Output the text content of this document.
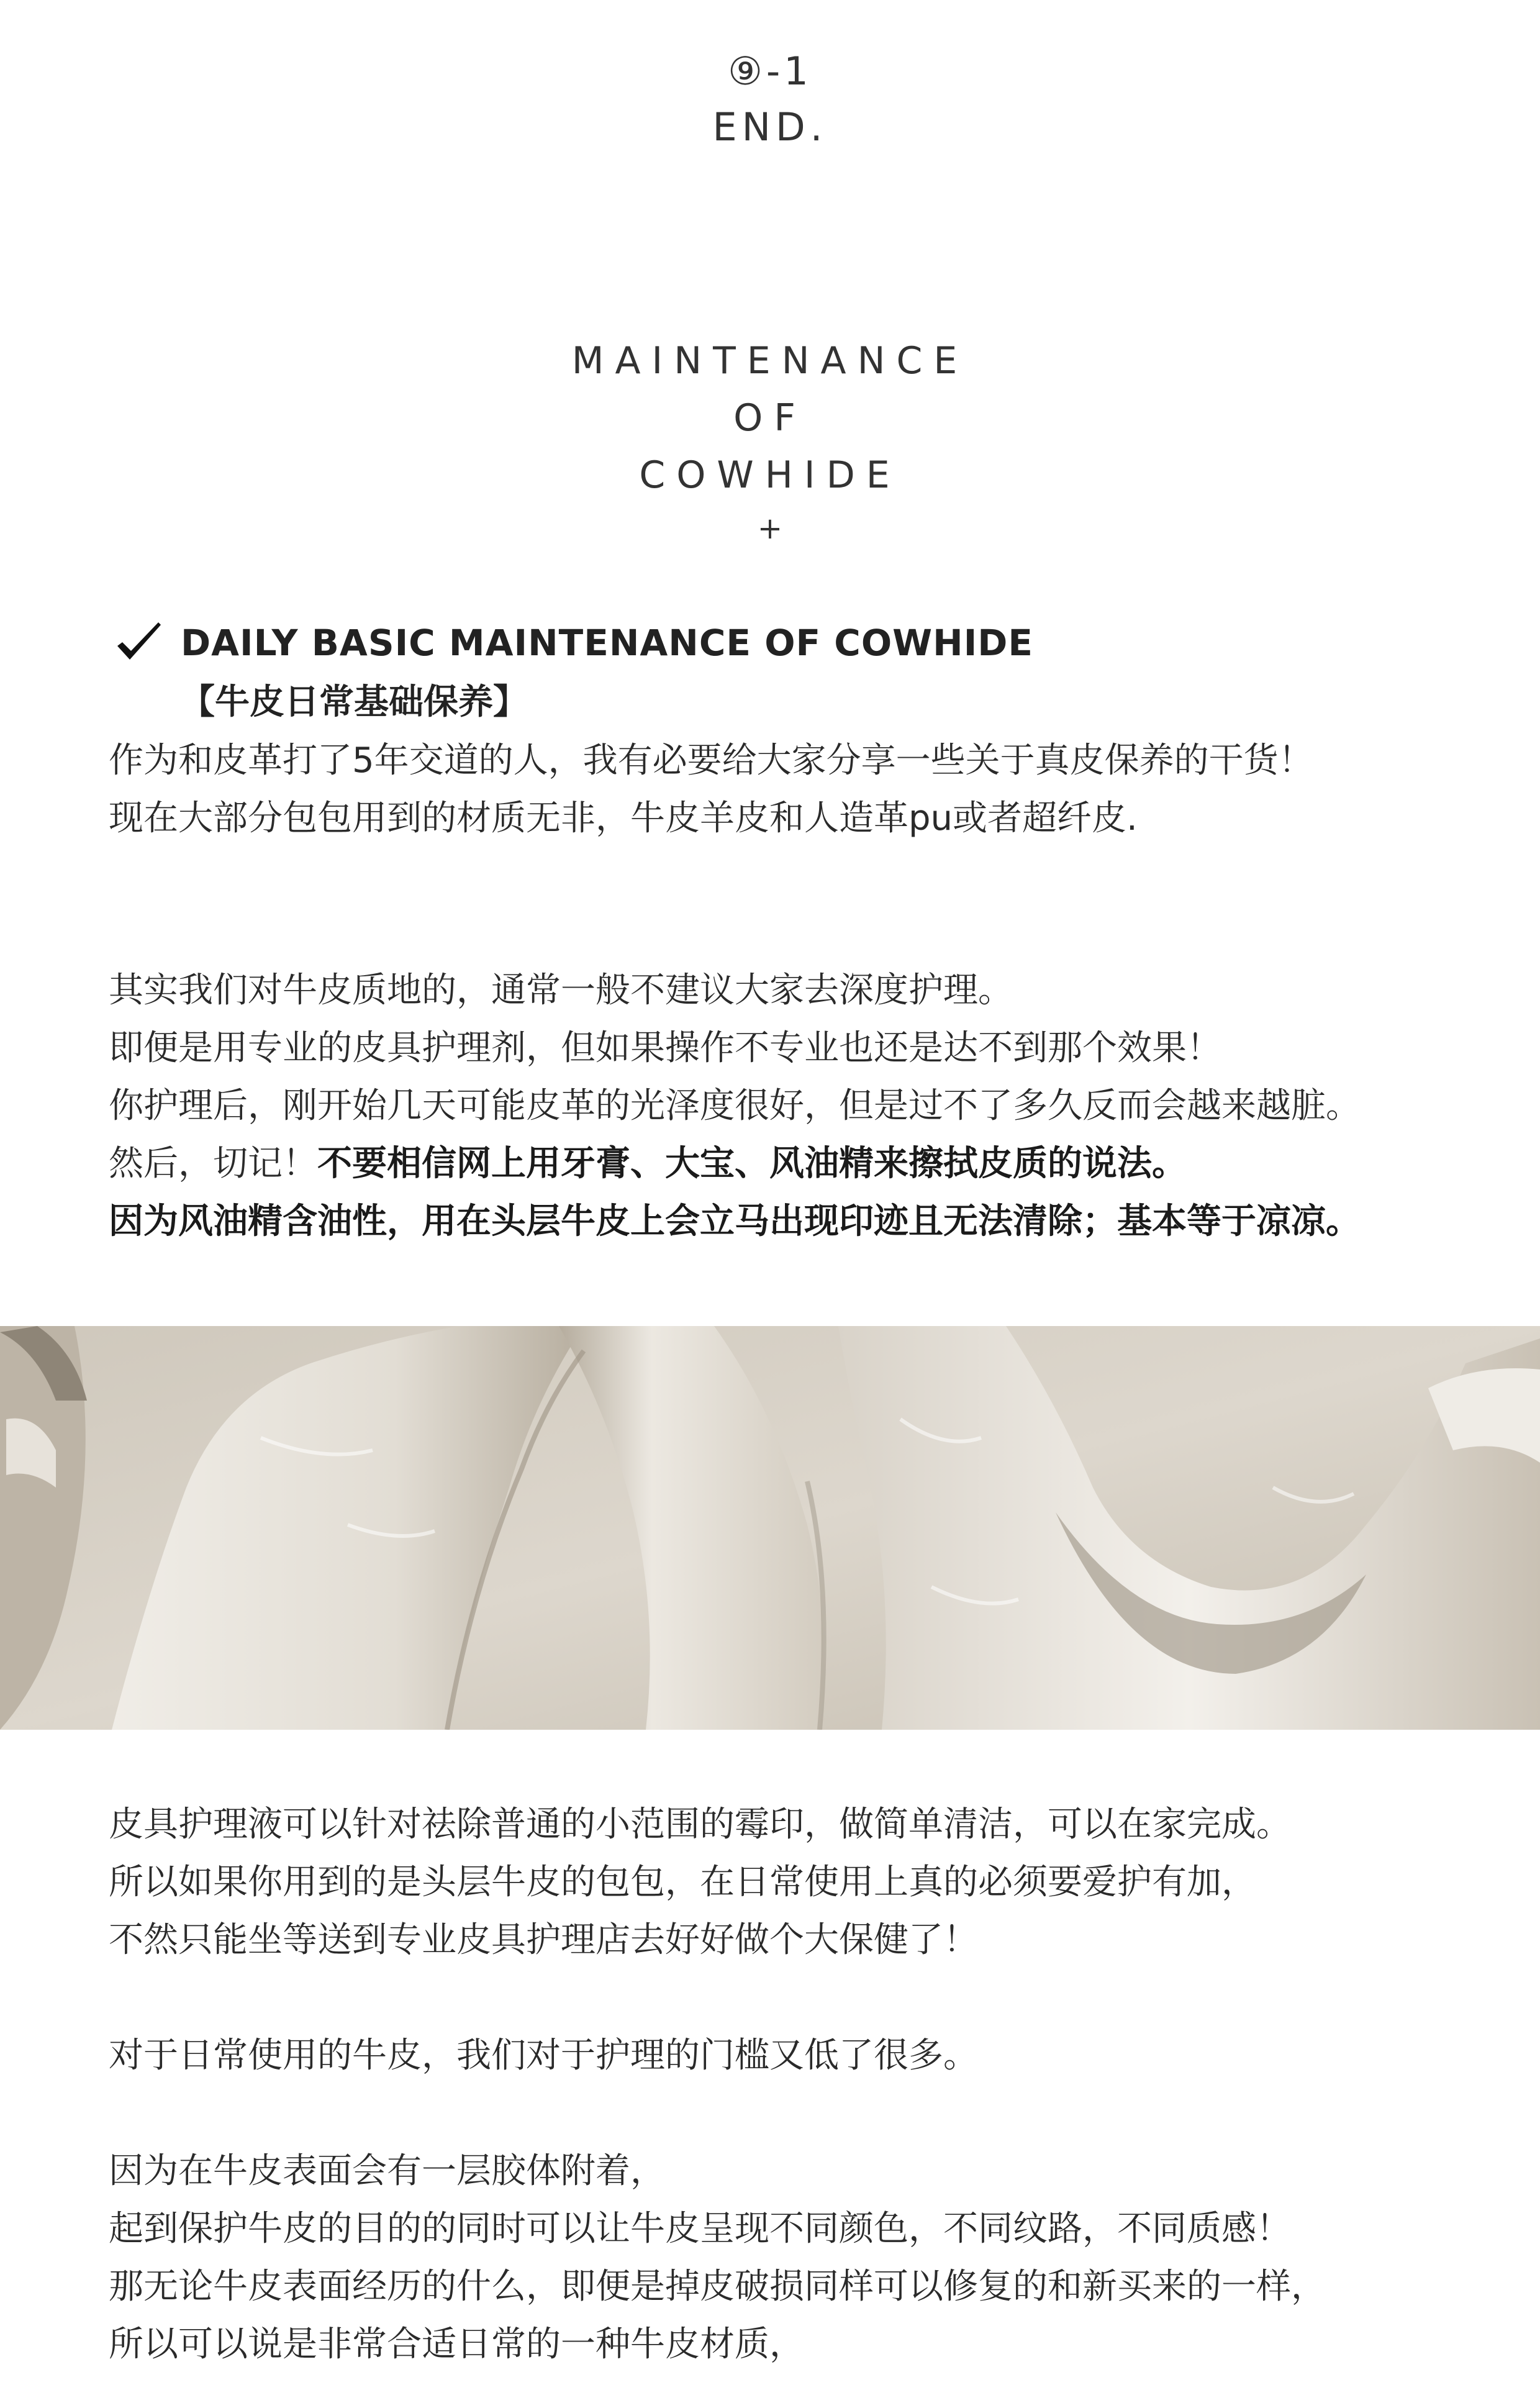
⑨-1
END.
MAINTENANCE
OF
COWHIDE
+
DAILY BASIC MAINTENANCE OF COWHIDE
【牛皮日常基础保养】
作为和皮革打了5年交道的人，我有必要给大家分享一些关于真皮保养的干货！
现在大部分包包用到的材质无非，牛皮羊皮和人造革pu或者超纤皮.
其实我们对牛皮质地的，通常一般不建议大家去深度护理。
即便是用专业的皮具护理剂，但如果操作不专业也还是达不到那个效果！
你护理后，刚开始几天可能皮革的光泽度很好，但是过不了多久反而会越来越脏。
然后，切记！不要相信网上用牙膏、大宝、风油精来擦拭皮质的说法。
因为风油精含油性，用在头层牛皮上会立马出现印迹且无法清除；基本等于凉凉。
皮具护理液可以针对祛除普通的小范围的霉印，做简单清洁，可以在家完成。
所以如果你用到的是头层牛皮的包包，在日常使用上真的必须要爱护有加，
不然只能坐等送到专业皮具护理店去好好做个大保健了！
对于日常使用的牛皮，我们对于护理的门槛又低了很多。
因为在牛皮表面会有一层胶体附着，
起到保护牛皮的目的的同时可以让牛皮呈现不同颜色，不同纹路，不同质感！
那无论牛皮表面经历的什么，即便是掉皮破损同样可以修复的和新买来的一样，
所以可以说是非常合适日常的一种牛皮材质，
